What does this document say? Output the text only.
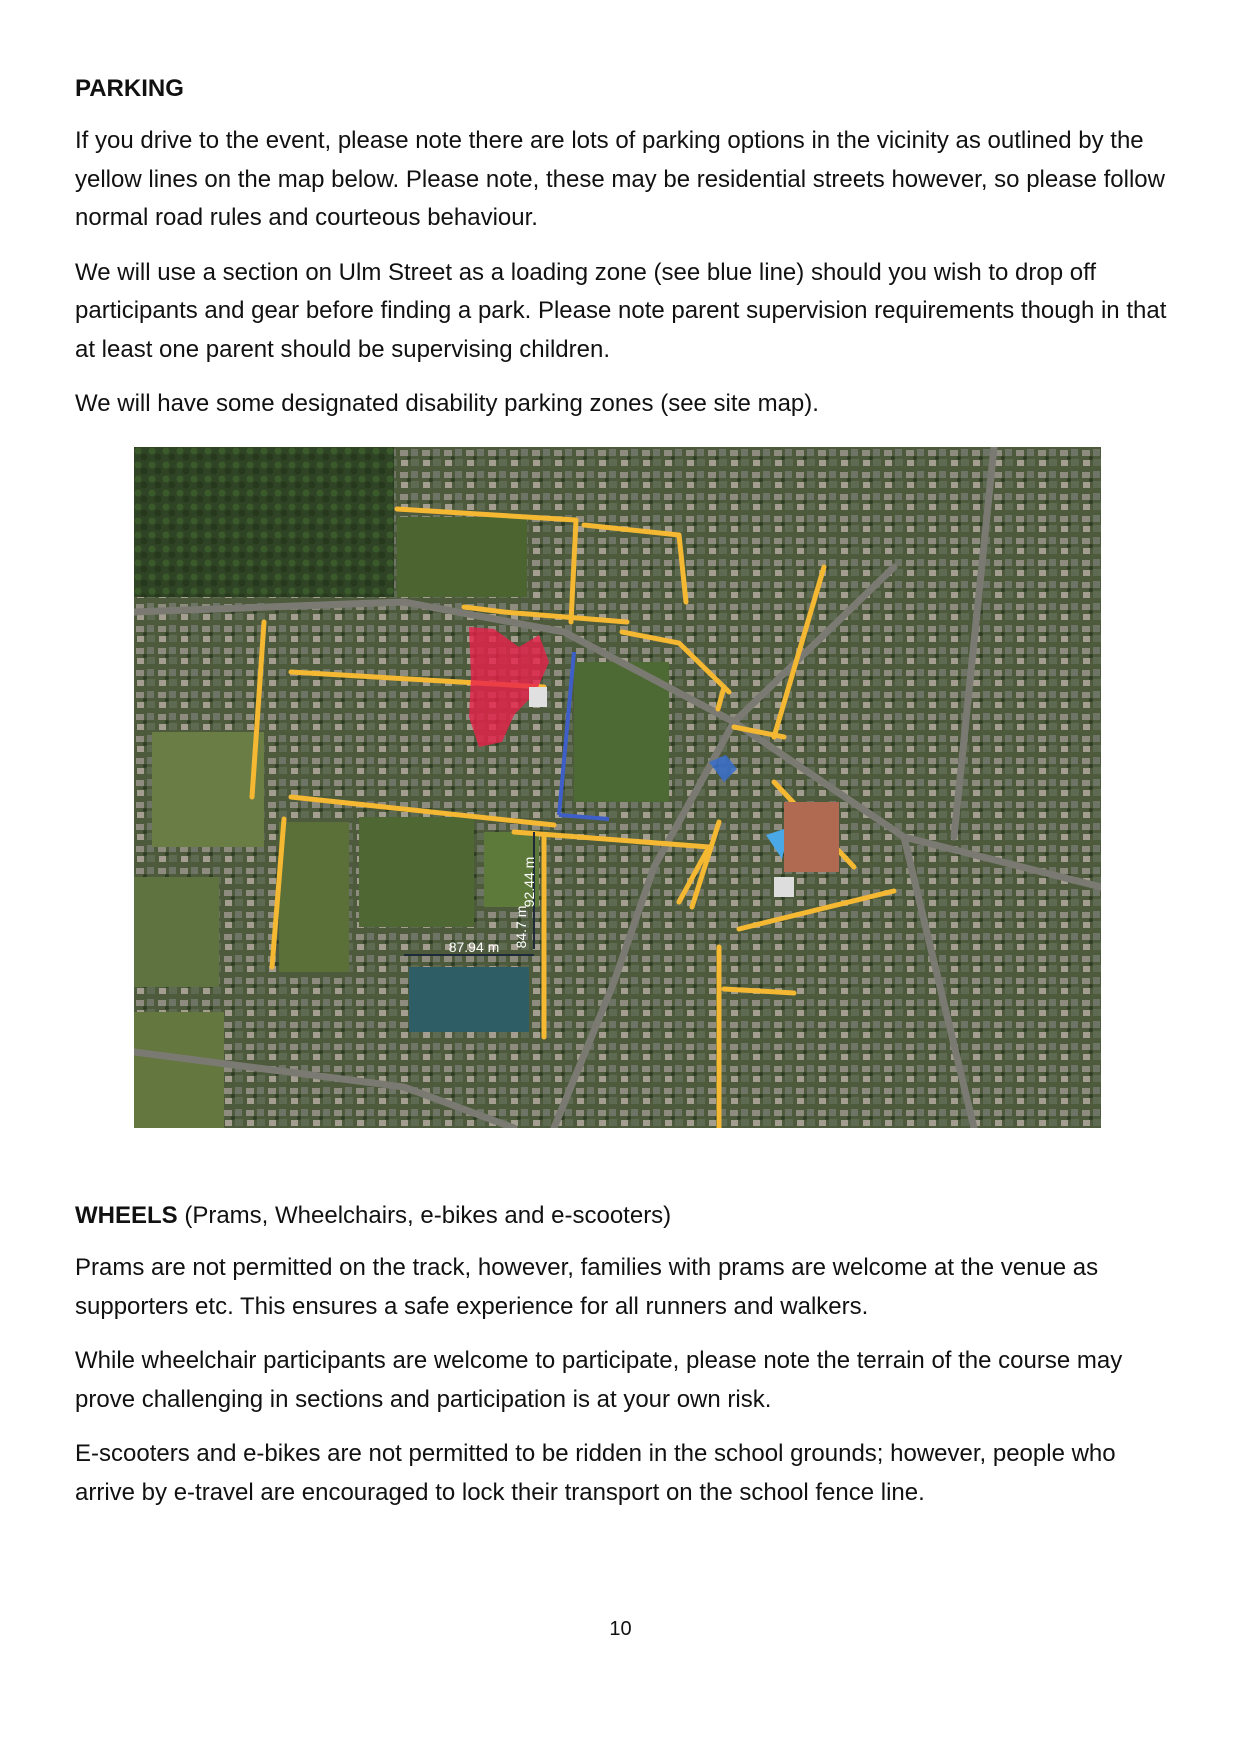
PARKING

If you drive to the event, please note there are lots of parking options in the vicinity as outlined by the yellow lines on the map below. Please note, these may be residential streets however, so please follow normal road rules and courteous behaviour.

We will use a section on Ulm Street as a loading zone (see blue line) should you wish to drop off participants and gear before finding a park. Please note parent supervision requirements though in that at least one parent should be supervising children.

We will have some designated disability parking zones (see site map).

92.44 m
84.7 m
87.94 m
WHEELS (Prams, Wheelchairs, e-bikes and e-scooters)

Prams are not permitted on the track, however, families with prams are welcome at the venue as supporters etc. This ensures a safe experience for all runners and walkers.

While wheelchair participants are welcome to participate, please note the terrain of the course may prove challenging in sections and participation is at your own risk.

E-scooters and e-bikes are not permitted to be ridden in the school grounds; however, people who arrive by e-travel are encouraged to lock their transport on the school fence line.

10
